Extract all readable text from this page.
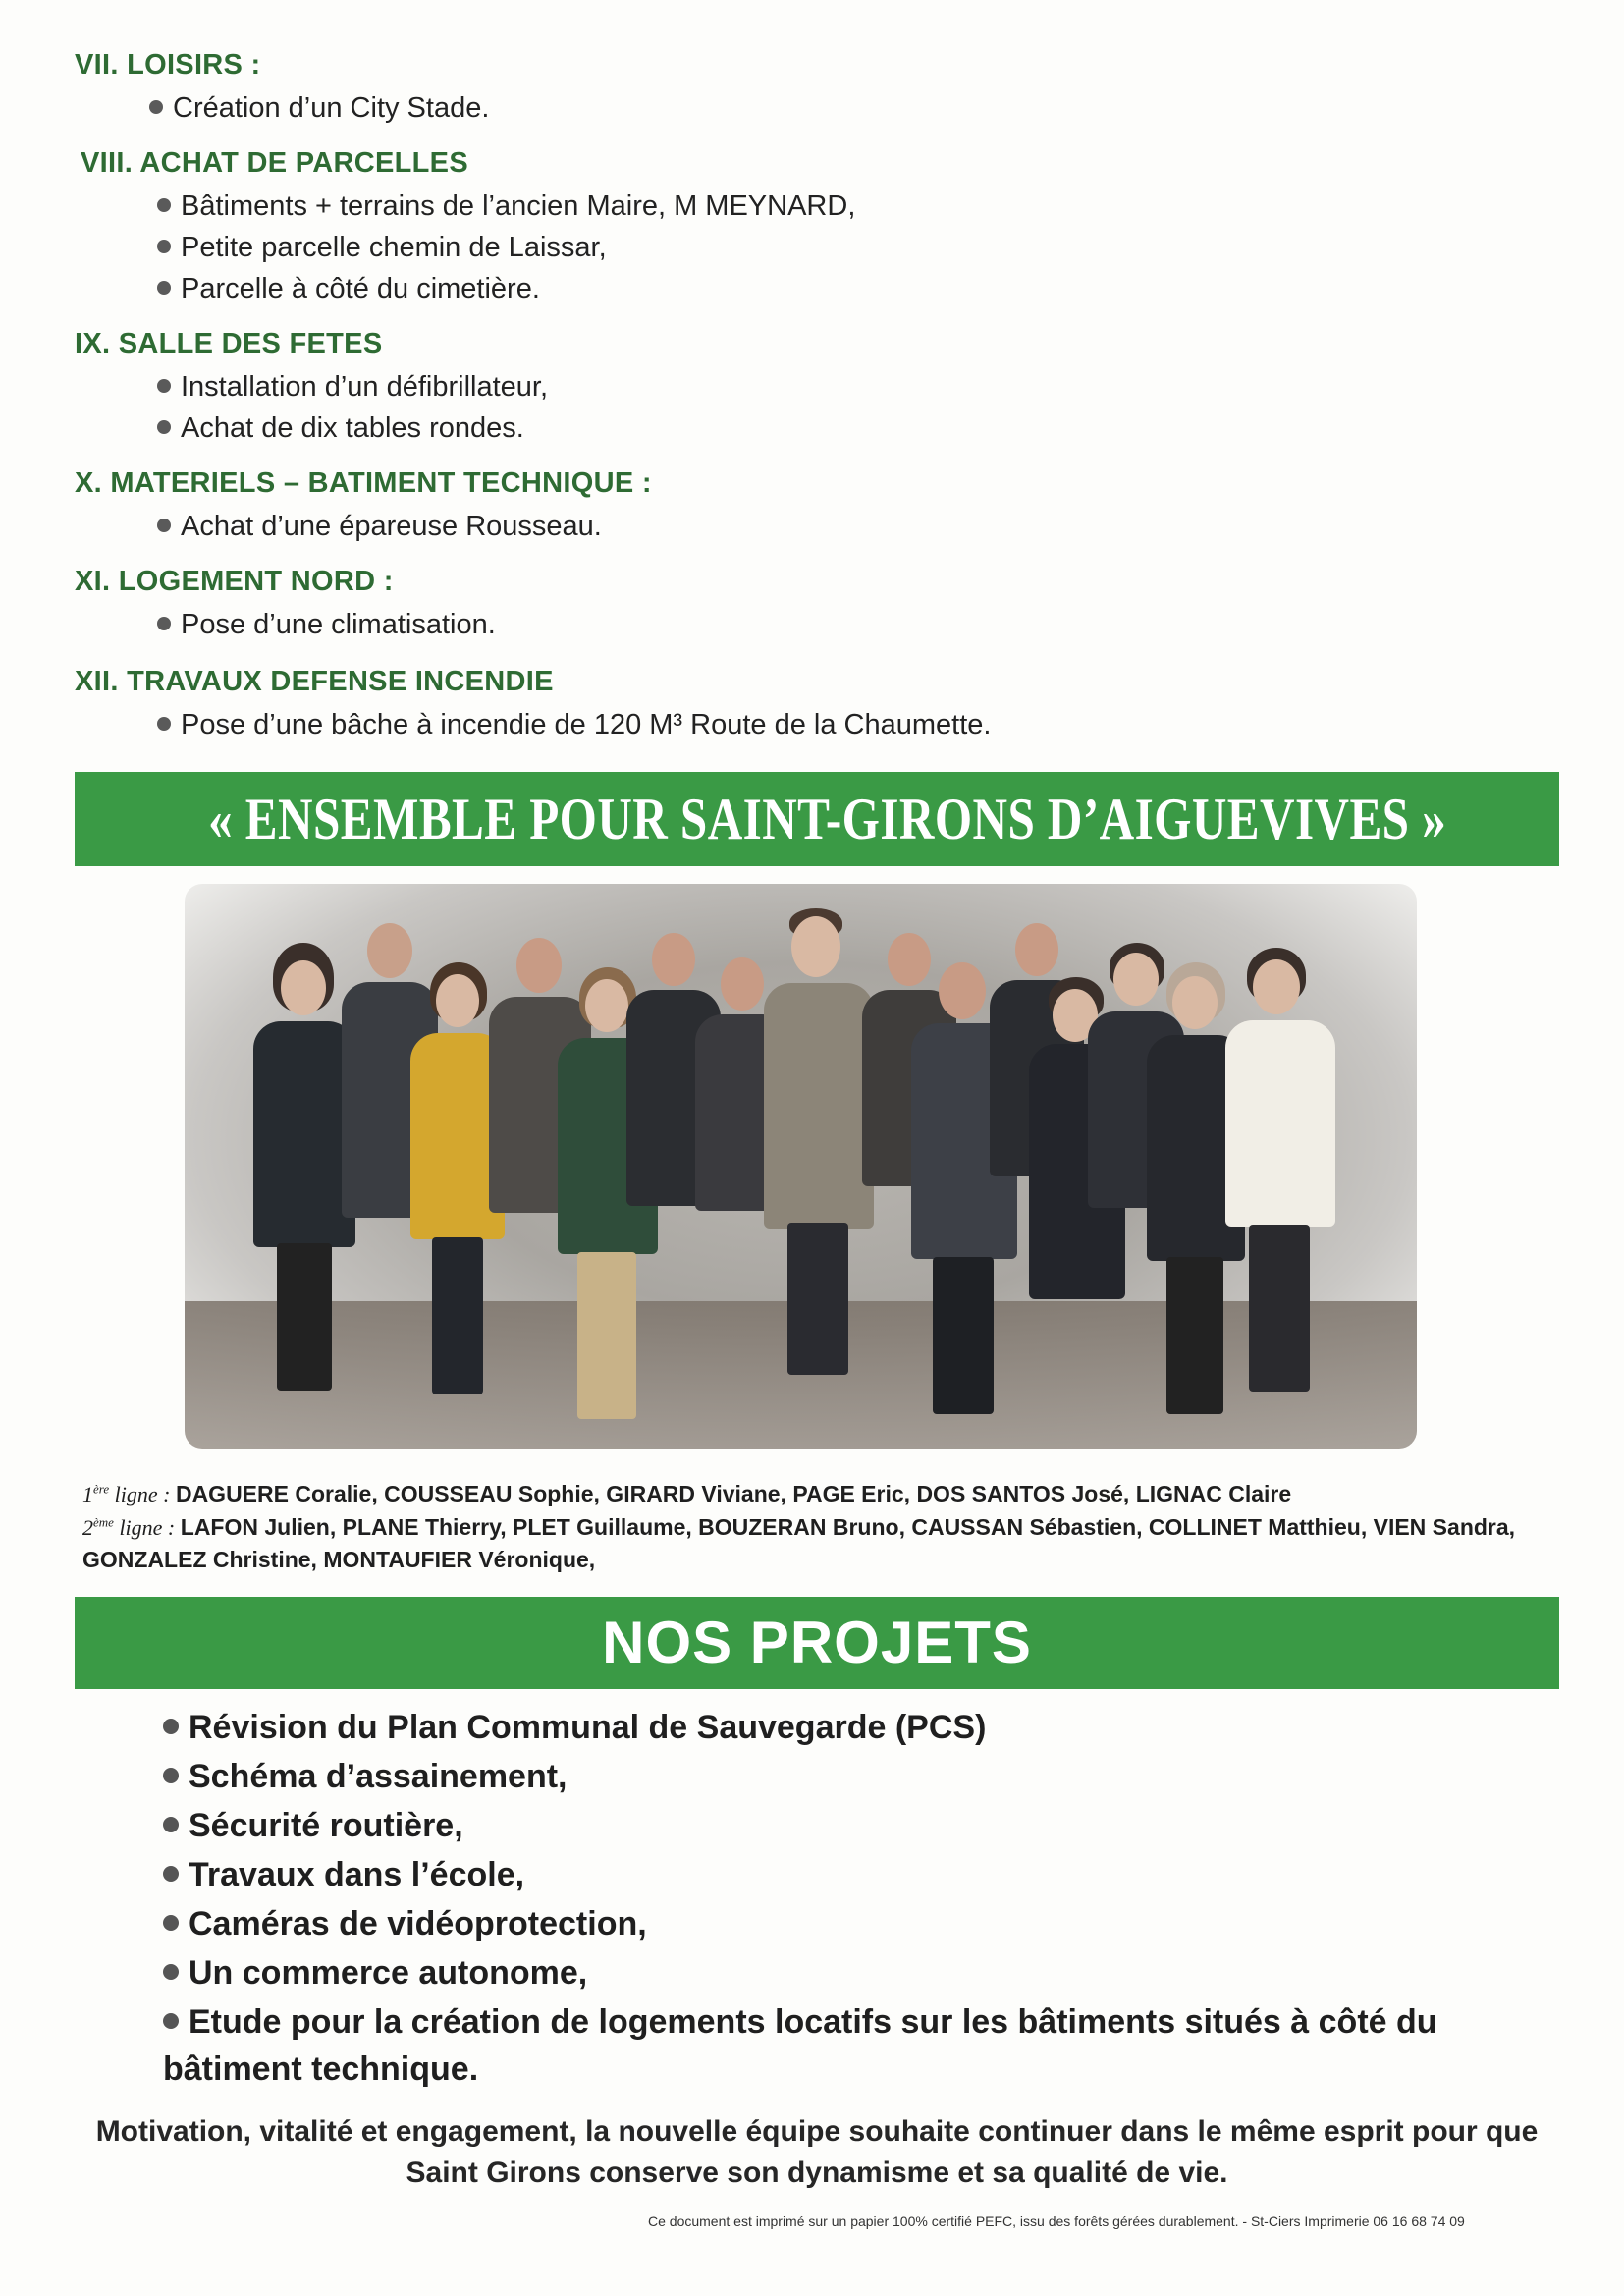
VII. LOISIRS :
Création d’un City Stade.
VIII. ACHAT DE PARCELLES
Bâtiments + terrains de l’ancien Maire, M MEYNARD,
Petite parcelle chemin de Laissar,
Parcelle à côté du cimetière.
IX. SALLE DES FETES
Installation d’un défibrillateur,
Achat de dix tables rondes.
X. MATERIELS – BATIMENT TECHNIQUE :
Achat d’une épareuse Rousseau.
XI. LOGEMENT NORD :
Pose d’une climatisation.
XII. TRAVAUX DEFENSE INCENDIE
Pose d’une bâche à incendie de 120 M³ Route de la Chaumette.
« ENSEMBLE POUR SAINT-GIRONS D’AIGUEVIVES »
1ère ligne : DAGUERE Coralie, COUSSEAU Sophie, GIRARD Viviane, PAGE Eric, DOS SANTOS José, LIGNAC Claire
2ème ligne : LAFON Julien, PLANE Thierry, PLET Guillaume, BOUZERAN Bruno, CAUSSAN Sébastien, COLLINET Matthieu, VIEN Sandra,
GONZALEZ Christine, MONTAUFIER Véronique,
NOS PROJETS
Révision du Plan Communal de Sauvegarde (PCS)
Schéma d’assainement,
Sécurité routière,
Travaux dans l’école,
Caméras de vidéoprotection,
Un commerce autonome,
Etude pour la création de logements locatifs sur les bâtiments situés à côté du
bâtiment technique.
Motivation, vitalité et engagement, la nouvelle équipe souhaite continuer dans le même esprit pour que
Saint Girons conserve son dynamisme et sa qualité de vie.
Ce document est imprimé sur un papier 100% certifié PEFC, issu des forêts gérées durablement. - St-Ciers Imprimerie 06 16 68 74 09
